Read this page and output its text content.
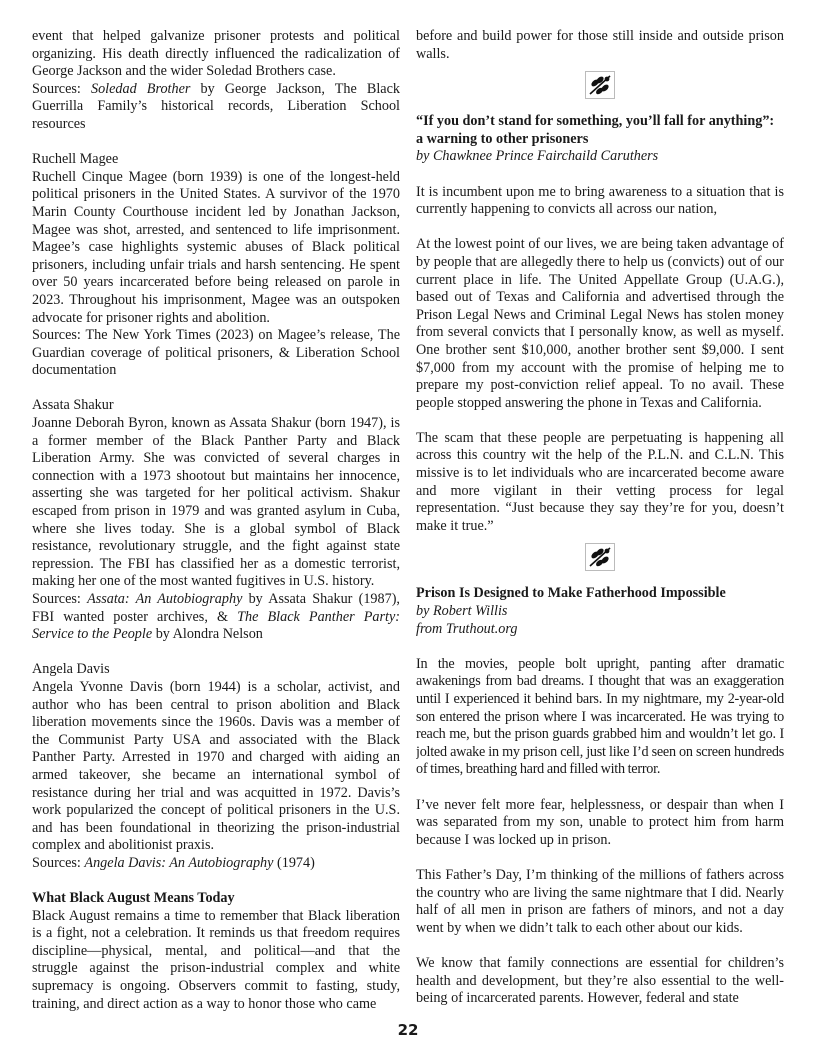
event that helped galvanize prisoner protests and political organizing. His death directly influenced the radicalization of George Jackson and the wider Soledad Brothers case.

Sources: Soledad Brother by George Jackson, The Black Guerrilla Family’s historical records, Liberation School resources

Ruchell Magee

Ruchell Cinque Magee (born 1939) is one of the longest-held political prisoners in the United States. A survivor of the 1970 Marin County Courthouse incident led by Jonathan Jackson, Magee was shot, arrested, and sentenced to life imprisonment. Magee’s case highlights systemic abuses of Black political prisoners, including unfair trials and harsh sentencing. He spent over 50 years incarcerated before being released on parole in 2023. Throughout his imprisonment, Magee was an outspoken advocate for prisoner rights and abolition.

Sources: The New York Times (2023) on Magee’s release, The Guardian coverage of political prisoners, & Liberation School documentation

Assata Shakur

Joanne Deborah Byron, known as Assata Shakur (born 1947), is a former member of the Black Panther Party and Black Liberation Army. She was convicted of several charges in connection with a 1973 shootout but maintains her innocence, asserting she was targeted for her political activism. Shakur escaped from prison in 1979 and was granted asylum in Cuba, where she lives today. She is a global symbol of Black resistance, revolutionary struggle, and the fight against state repression. The FBI has classified her as a domestic terrorist, making her one of the most wanted fugitives in U.S. history.

Sources: Assata: An Autobiography by Assata Shakur (1987), FBI wanted poster archives, & The Black Panther Party: Service to the People by Alondra Nelson

Angela Davis

Angela Yvonne Davis (born 1944) is a scholar, activist, and author who has been central to prison abolition and Black liberation movements since the 1960s. Davis was a member of the Communist Party USA and associated with the Black Panther Party. Arrested in 1970 and charged with aiding an armed takeover, she became an international symbol of resistance during her trial and was acquitted in 1972. Davis’s work popularized the concept of political prisoners in the U.S. and has been foundational in theorizing the prison-industrial complex and abolitionist praxis.

Sources: Angela Davis: An Autobiography (1974)

What Black August Means Today

Black August remains a time to remember that Black liberation is a fight, not a celebration. It reminds us that freedom requires discipline—physical, mental, and political—and that the struggle against the prison-industrial complex and white supremacy is ongoing. Observers commit to fasting, study, training, and direct action as a way to honor those who came

before and build power for those still inside and outside prison walls.

“If you don’t stand for something, you’ll fall for anything”: a warning to other prisoners

by Chawknee Prince Fairchaild Caruthers

It is incumbent upon me to bring awareness to a situation that is currently happening to convicts all across our nation,

At the lowest point of our lives, we are being taken advantage of by people that are allegedly there to help us (convicts) out of our current place in life. The United Appellate Group (U.A.G.), based out of Texas and California and advertised through the Prison Legal News and Criminal Legal News has stolen money from several convicts that I personally know, as well as myself. One brother sent $10,000, another brother sent $9,000. I sent $7,000 from my account with the promise of helping me to prepare my post-conviction relief appeal. To no avail. These people stopped answering the phone in Texas and California.

The scam that these people are perpetuating is happening all across this country wit the help of the P.L.N. and C.L.N. This missive is to let individuals who are incarcerated become aware and more vigilant in their vetting process for legal representation. “Just because they say they’re for you, doesn’t make it true.”

Prison Is Designed to Make Fatherhood Impossible

by Robert Willis

from Truthout.org

In the movies, people bolt upright, panting after dramatic awakenings from bad dreams. I thought that was an exaggeration until I experienced it behind bars. In my nightmare, my 2-year-old son entered the prison where I was incarcerated. He was trying to reach me, but the prison guards grabbed him and wouldn’t let go. I jolted awake in my prison cell, just like I’d seen on screen hundreds of times, breathing hard and filled with terror.

I’ve never felt more fear, helplessness, or despair than when I was separated from my son, unable to protect him from harm because I was locked up in prison.

This Father’s Day, I’m thinking of the millions of fathers across the country who are living the same nightmare that I did. Nearly half of all men in prison are fathers of minors, and not a day went by when we didn’t talk to each other about our kids.

We know that family connections are essential for children’s health and development, but they’re also essential to the well-being of incarcerated parents. However, federal and state

22
